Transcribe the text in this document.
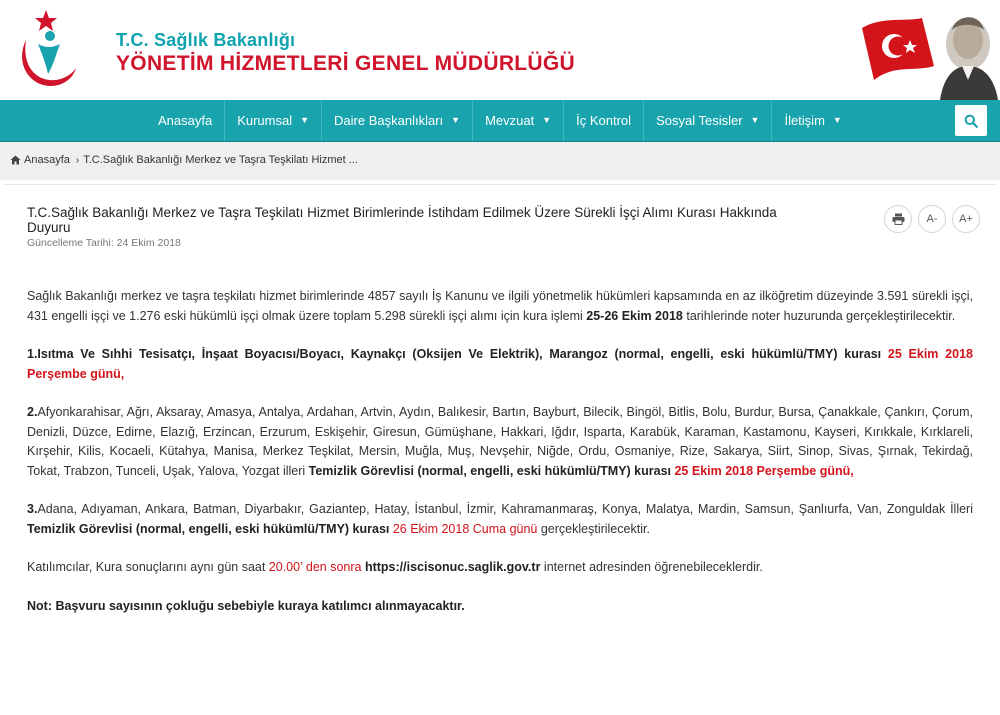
T.C. Sağlık Bakanlığı
YÖNETİM HİZMETLERİ GENEL MÜDÜRLÜĞÜ
Anasayfa Kurumsal ▼ Daire Başkanlıkları ▼ Mevzuat ▼ İç Kontrol Sosyal Tesisler ▼ İletişim ▼
Anasayfa › T.C.Sağlık Bakanlığı Merkez ve Taşra Teşkilatı Hizmet ...
T.C.Sağlık Bakanlığı Merkez ve Taşra Teşkilatı Hizmet Birimlerinde İstihdam Edilmek Üzere Sürekli İşçi Alımı Kurası Hakkında Duyuru
Güncelleme Tarihi: 24 Ekim 2018
A-	A+

Sağlık Bakanlığı merkez ve taşra teşkilatı hizmet birimlerinde 4857 sayılı İş Kanunu ve ilgili yönetmelik hükümleri kapsamında en az ilköğretim düzeyinde 3.591 sürekli işçi, 431 engelli işçi ve 1.276 eski hükümlü işçi olmak üzere toplam 5.298 sürekli işçi alımı için kura işlemi 25-26 Ekim 2018 tarihlerinde noter huzurunda gerçekleştirilecektir.

1.Isıtma Ve Sıhhi Tesisatçı, İnşaat Boyacısı/Boyacı, Kaynakçı (Oksijen Ve Elektrik), Marangoz (normal, engelli, eski hükümlü/TMY) kurası 25 Ekim 2018 Perşembe günü,

2.Afyonkarahisar, Ağrı, Aksaray, Amasya, Antalya, Ardahan, Artvin, Aydın, Balıkesir, Bartın, Bayburt, Bilecik, Bingöl, Bitlis, Bolu, Burdur, Bursa, Çanakkale, Çankırı, Çorum, Denizli, Düzce, Edirne, Elazığ, Erzincan, Erzurum, Eskişehir, Giresun, Gümüşhane, Hakkari, Iğdır, Isparta, Karabük, Karaman, Kastamonu, Kayseri, Kırıkkale, Kırklareli, Kırşehir, Kilis, Kocaeli, Kütahya, Manisa, Merkez Teşkilat, Mersin, Muğla, Muş, Nevşehir, Niğde, Ordu, Osmaniye, Rize, Sakarya, Siirt, Sinop, Sivas, Şırnak, Tekirdağ, Tokat, Trabzon, Tunceli, Uşak, Yalova, Yozgat illeri Temizlik Görevlisi (normal, engelli, eski hükümlü/TMY) kurası 25 Ekim 2018 Perşembe günü,

3.Adana, Adıyaman, Ankara, Batman, Diyarbakır, Gaziantep, Hatay, İstanbul, İzmir, Kahramanmaraş, Konya, Malatya, Mardin, Samsun, Şanlıurfa, Van, Zonguldak İlleri Temizlik Görevlisi (normal, engelli, eski hükümlü/TMY) kurası 26 Ekim 2018 Cuma günü gerçekleştirilecektir.

Katılımcılar, Kura sonuçlarını aynı gün saat 20.00’ den sonra https://iscisonuc.saglik.gov.tr internet adresinden öğrenebileceklerdir.

Not: Başvuru sayısının çokluğu sebebiyle kuraya katılımcı alınmayacaktır.
